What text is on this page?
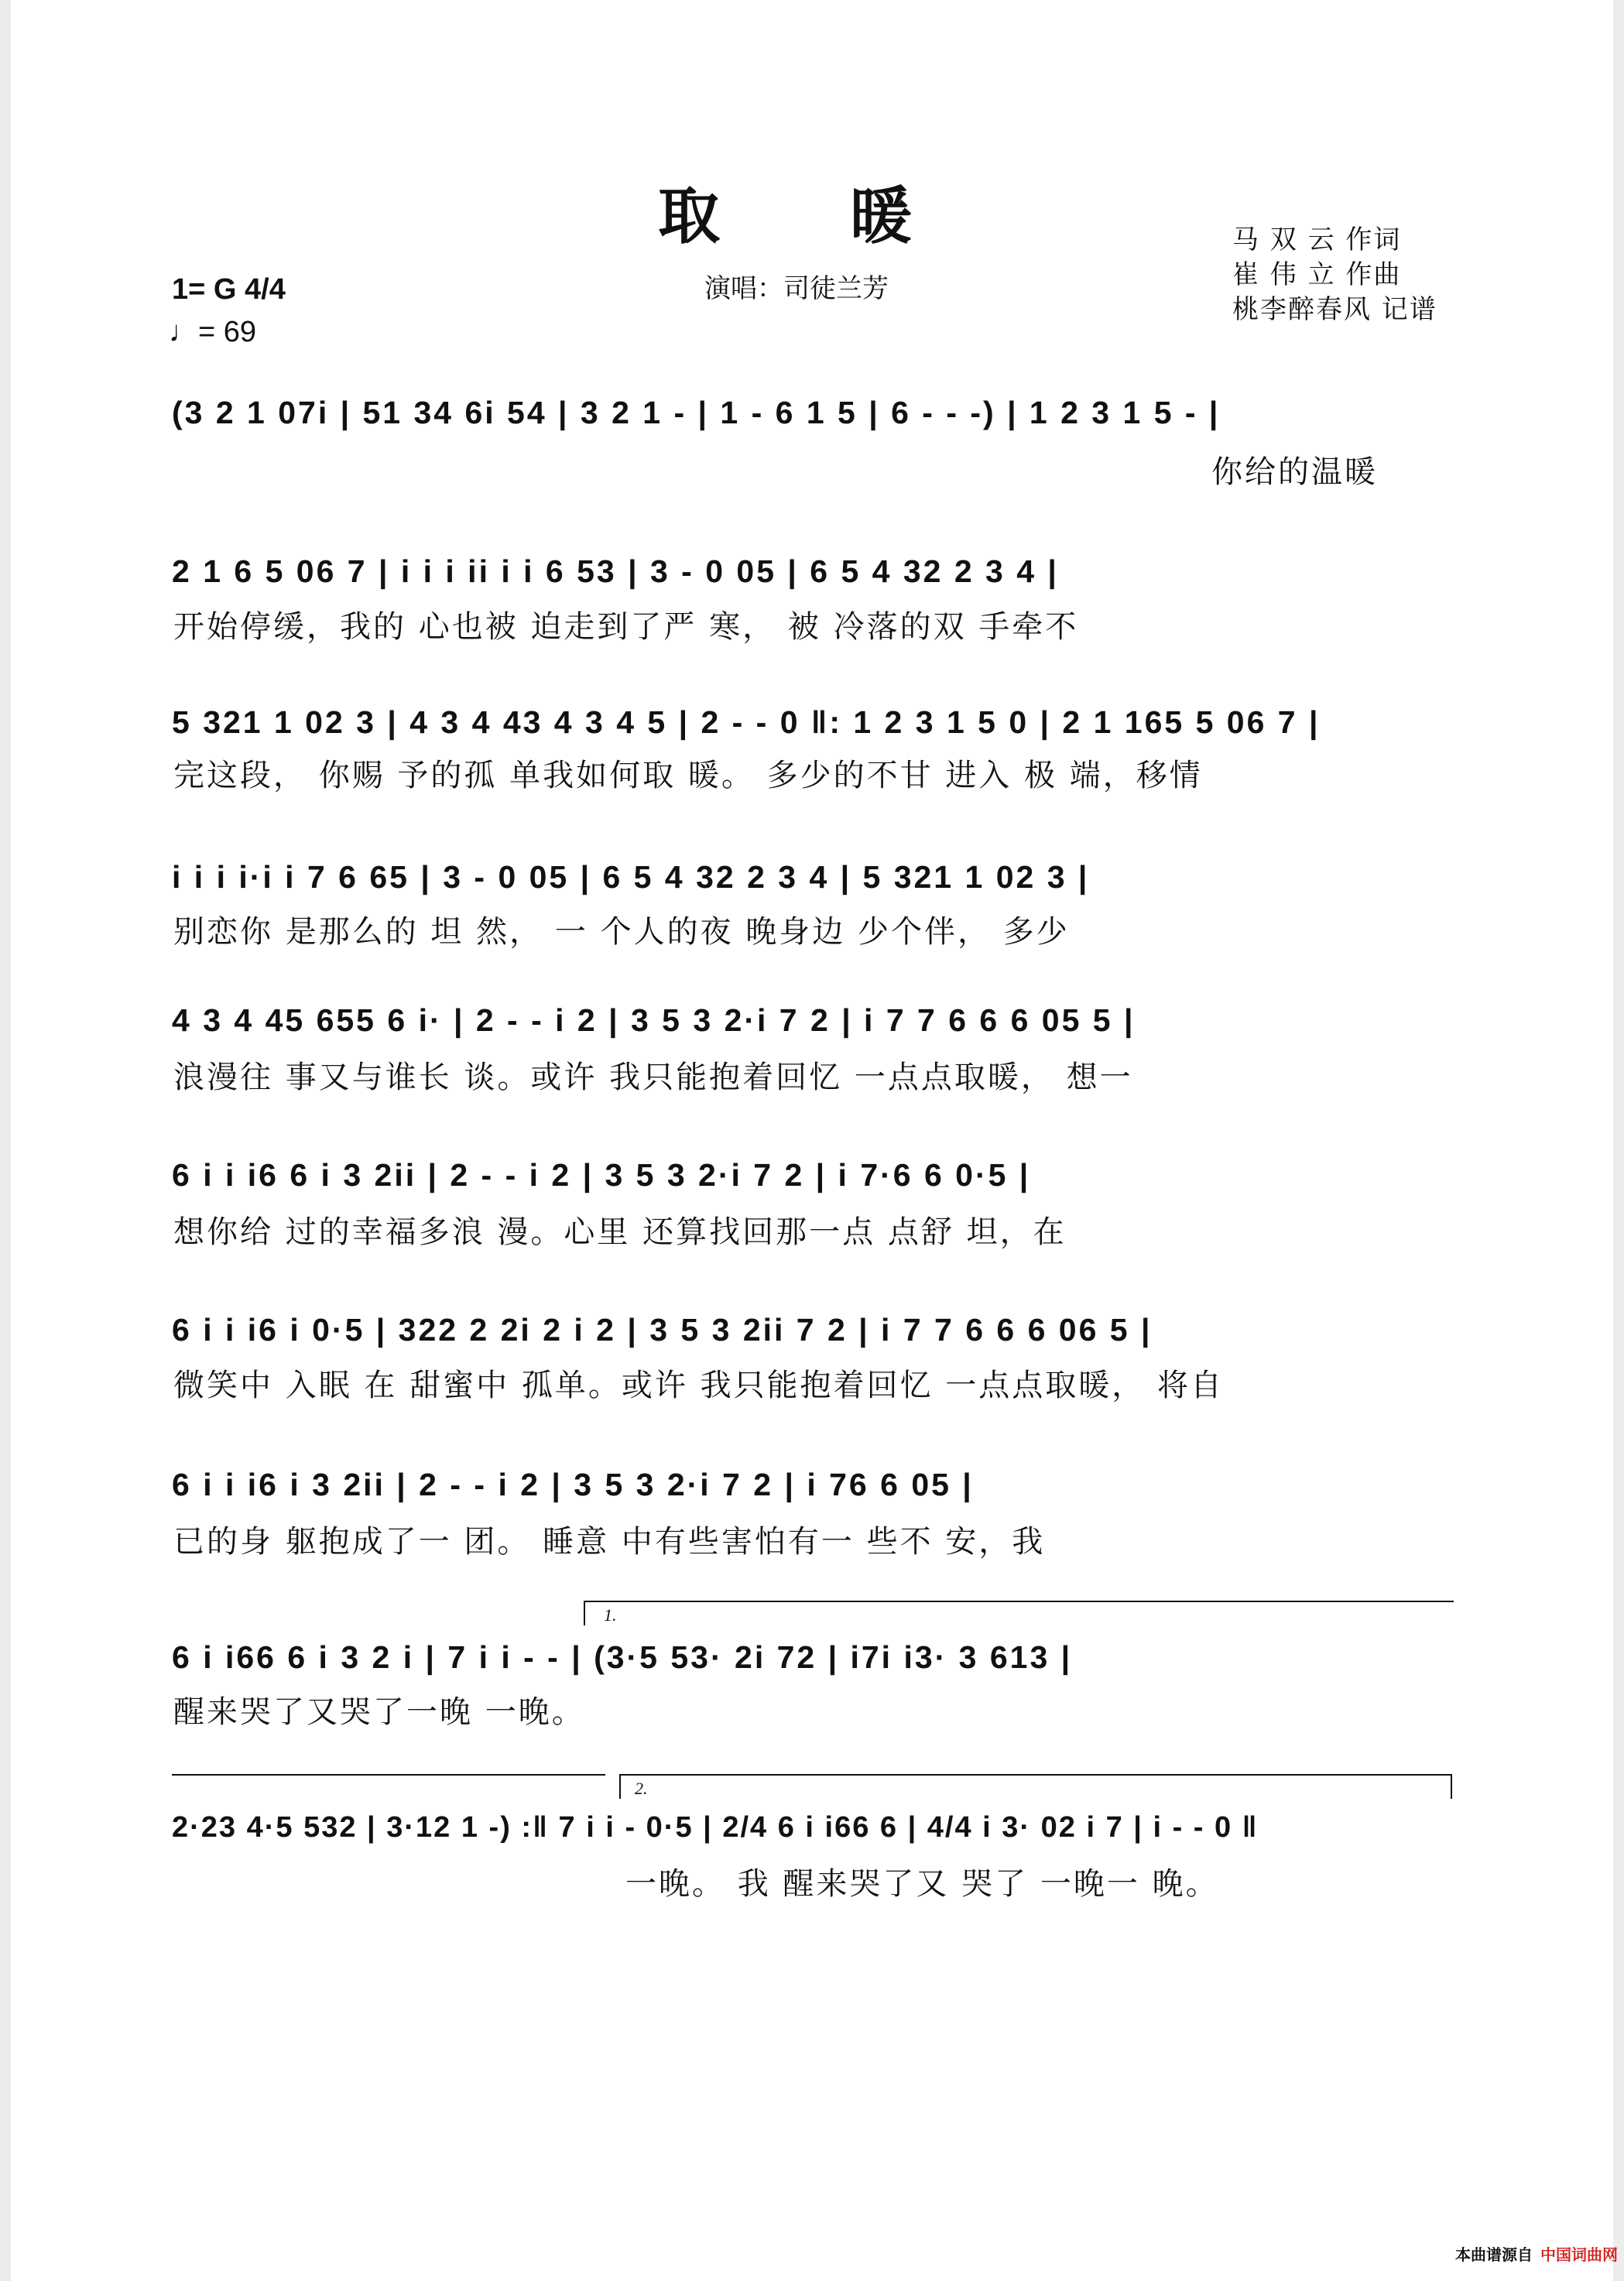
取 暖
演唱：司徒兰芳
马 双 云 作词
崔 伟 立 作曲
桃李醉春风 记谱
1= G 4/4
♩= 69
(3 2 1 07i | 51 34 6i 54 | 3 2 1 - | 1 - 6 1 5 | 6 - - -) | 1 2 3 1 5 - |
你给的温暖
2 1 6 5 06 7 | i i i ii i i 6 53 | 3 - 0 05 | 6 5 4 32 2 3 4 |
开始停缓，我的 心也被 迫走到了严 寒， 被 冷落的双 手牵不
5 321 1 02 3 | 4 3 4 43 4 3 4 5 | 2 - - 0 ‖: 1 2 3 1 5 0 | 2 1 165 5 06 7 |
完这段， 你赐 予的孤 单我如何取 暖。 多少的不甘 进入 极 端，移情
i i i i·i i 7 6 65 | 3 - 0 05 | 6 5 4 32 2 3 4 | 5 321 1 02 3 |
别恋你 是那么的 坦 然， 一 个人的夜 晚身边 少个伴， 多少
4 3 4 45 655 6 i· | 2 - - i 2 | 3 5 3 2·i 7 2 | i 7 7 6 6 6 05 5 |
浪漫往 事又与谁长 谈。或许 我只能抱着回忆 一点点取暖， 想一
6 i i i6 6 i 3 2ii | 2 - - i 2 | 3 5 3 2·i 7 2 | i 7·6 6 0·5 |
想你给 过的幸福多浪 漫。心里 还算找回那一点 点舒 坦，在
6 i i i6 i 0·5 | 322 2 2i 2 i 2 | 3 5 3 2ii 7 2 | i 7 7 6 6 6 06 5 |
微笑中 入眠 在 甜蜜中 孤单。或许 我只能抱着回忆 一点点取暖， 将自
6 i i i6 i 3 2ii | 2 - - i 2 | 3 5 3 2·i 7 2 | i 76 6 05 |
已的身 躯抱成了一 团。 睡意 中有些害怕有一 些不 安，我
1.
6 i i66 6 i 3 2 i | 7 i i - - | (3·5 53· 2i 72 | i7i i3· 3 613 |
醒来哭了又哭了一晚 一晚。
2.
2·23 4·5 532 | 3·12 1 -) :‖ 7 i i - 0·5 | 2/4 6 i i66 6 | 4/4 i 3· 02 i 7 | i - - 0 ‖
一晚。 我 醒来哭了又 哭了 一晚一 晚。
本曲谱源自 中国词曲网
